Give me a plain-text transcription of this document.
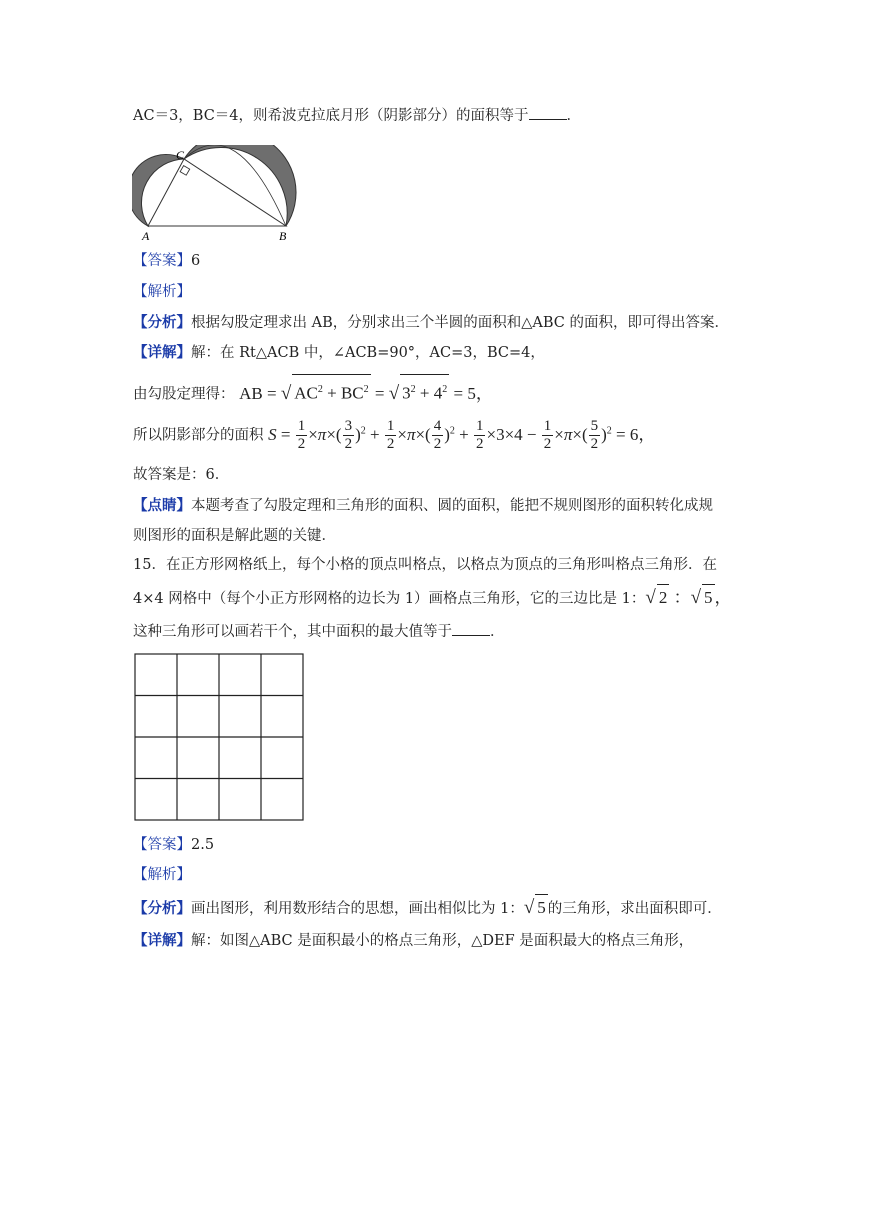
AC＝3，BC＝4，则希波克拉底月形（阴影部分）的面积等于	．
C
A	B
【答案】6
【解析】
【分析】根据勾股定理求出 AB，分别求出三个半圆的面积和△ABC 的面积，即可得出答案．
【详解】解：在 Rt△ACB 中，∠ACB=90°，AC=3，BC=4，
由勾股定理得： AB = √ $AC^2 + BC^2$ = √ $3^2 + 4^2 = 5$，
所以阴影部分的面积 $S = \frac{1}{2} \times\pi\times( \frac{3}{2} )^2 + \frac{1}{2} \times\pi\times( \frac{4}{2} )^2 + \frac{1}{2} \times 3\times 4 - \frac{1}{2} \times\pi\times( \frac{5}{2} )^2 = 6$，
故答案是：6．
【点睛】本题考查了勾股定理和三角形的面积、圆的面积，能把不规则图形的面积转化成规
则图形的面积是解此题的关键．
15．在正方形网格纸上，每个小格的顶点叫格点，以格点为顶点的三角形叫格点三角形．在
4×4 网格中（每个小正方形网格的边长为 1）画格点三角形，它的三边比是 1：√ 2 ：√ 5 ，
这种三角形可以画若干个，其中面积的最大值等于	．
【答案】2.5
【解析】
【分析】画出图形，利用数形结合的思想，画出相似比为 1：√ 5 的三角形，求出面积即可．
【详解】解：如图△ABC 是面积最小的格点三角形，△DEF 是面积最大的格点三角形，
